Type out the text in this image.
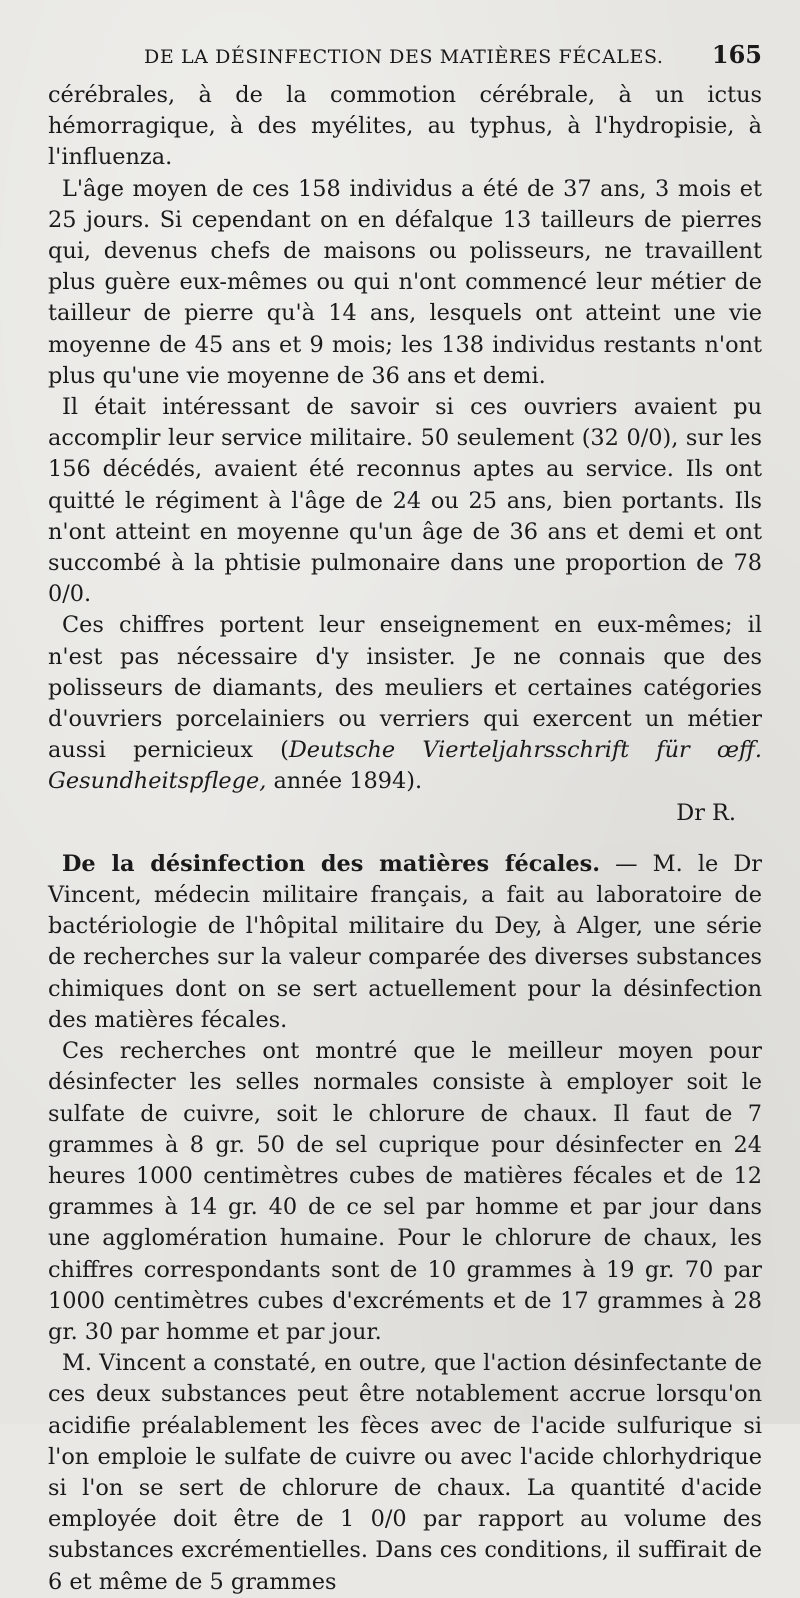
DE LA DÉSINFECTION DES MATIÈRES FÉCALES. 165

cérébrales, à de la commotion cérébrale, à un ictus hémorragique, à des myélites, au typhus, à l'hydropisie, à l'influenza.

L'âge moyen de ces 158 individus a été de 37 ans, 3 mois et 25 jours. Si cependant on en défalque 13 tailleurs de pierres qui, devenus chefs de maisons ou polisseurs, ne travaillent plus guère eux-mêmes ou qui n'ont commencé leur métier de tailleur de pierre qu'à 14 ans, lesquels ont atteint une vie moyenne de 45 ans et 9 mois; les 138 individus restants n'ont plus qu'une vie moyenne de 36 ans et demi.

Il était intéressant de savoir si ces ouvriers avaient pu accomplir leur service militaire. 50 seulement (32 0/0), sur les 156 décédés, avaient été reconnus aptes au service. Ils ont quitté le régiment à l'âge de 24 ou 25 ans, bien portants. Ils n'ont atteint en moyenne qu'un âge de 36 ans et demi et ont succombé à la phtisie pulmonaire dans une proportion de 78 0/0.

Ces chiffres portent leur enseignement en eux-mêmes; il n'est pas nécessaire d'y insister. Je ne connais que des polisseurs de diamants, des meuliers et certaines catégories d'ouvriers porcelainiers ou verriers qui exercent un métier aussi pernicieux (Deutsche Vierteljahrsschrift für œff. Gesundheitspflege, année 1894).

Dr R.

De la désinfection des matières fécales. — M. le Dr Vincent, médecin militaire français, a fait au laboratoire de bactériologie de l'hôpital militaire du Dey, à Alger, une série de recherches sur la valeur comparée des diverses substances chimiques dont on se sert actuellement pour la désinfection des matières fécales.

Ces recherches ont montré que le meilleur moyen pour désinfecter les selles normales consiste à employer soit le sulfate de cuivre, soit le chlorure de chaux. Il faut de 7 grammes à 8 gr. 50 de sel cuprique pour désinfecter en 24 heures 1000 centimètres cubes de matières fécales et de 12 grammes à 14 gr. 40 de ce sel par homme et par jour dans une agglomération humaine. Pour le chlorure de chaux, les chiffres correspondants sont de 10 grammes à 19 gr. 70 par 1000 centimètres cubes d'excréments et de 17 grammes à 28 gr. 30 par homme et par jour.

M. Vincent a constaté, en outre, que l'action désinfectante de ces deux substances peut être notablement accrue lorsqu'on acidifie préalablement les fèces avec de l'acide sulfurique si l'on emploie le sulfate de cuivre ou avec l'acide chlorhydrique si l'on se sert de chlorure de chaux. La quantité d'acide employée doit être de 1 0/0 par rapport au volume des substances excrémentielles. Dans ces conditions, il suffirait de 6 et même de 5 grammes
